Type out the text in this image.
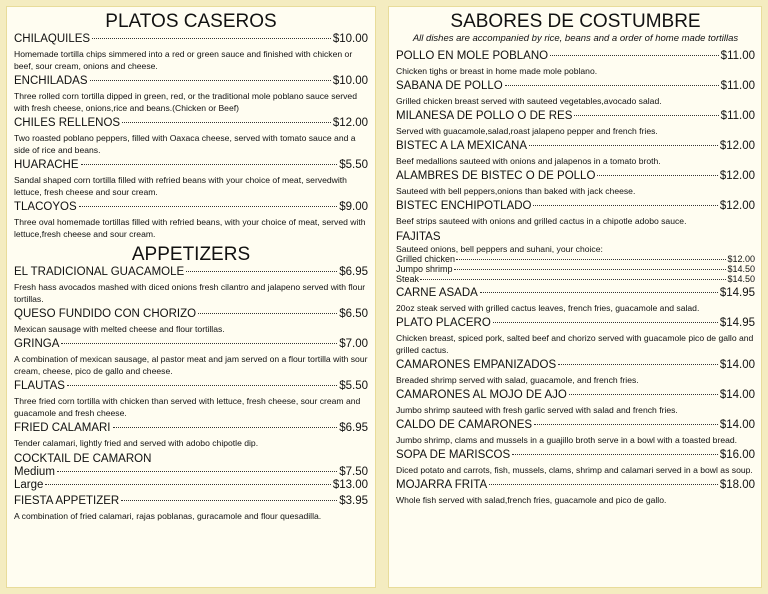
PLATOS CASEROS
CHILAQUILES	$10.00
Homemade tortilla chips simmered into a red or green sauce and finished with chicken or beef, sour cream, onions and cheese.
ENCHILADAS	$10.00
Three rolled corn tortilla dipped in green, red, or the traditional mole poblano sauce served with fresh cheese, onions,rice and beans.(Chicken or Beef)
CHILES RELLENOS	$12.00
Two roasted poblano peppers, filled with Oaxaca cheese, served with tomato sauce and a side of rice and beans.
HUARACHE	$5.50
Sandal shaped corn tortilla filled with refried beans with your choice of meat, servedwith lettuce, fresh cheese and sour cream.
TLACOYOS	$9.00
Three oval homemade tortillas filled with refried beans, with your choice of meat, served with lettuce,fresh cheese and sour cream.
APPETIZERS
EL TRADICIONAL GUACAMOLE	$6.95
Fresh hass avocados mashed with diced onions fresh cilantro and jalapeno served with flour tortillas.
QUESO FUNDIDO CON CHORIZO	$6.50
Mexican sausage with melted cheese and flour tortillas.
GRINGA	$7.00
A combination of mexican sausage, al pastor meat and jam served on a flour tortilla with sour cream, cheese, pico de gallo and cheese.
FLAUTAS	$5.50
Three fried corn tortilla with chicken than served with lettuce, fresh cheese, sour cream and guacamole and fresh cheese.
FRIED CALAMARI	$6.95
Tender calamari, lightly fried and served with adobo chipotle dip.
COCKTAIL DE CAMARON
Medium	$7.50
Large	$13.00
FIESTA APPETIZER	$3.95
A combination of fried calamari, rajas poblanas, guracamole and flour quesadilla.
SABORES DE COSTUMBRE
All dishes are accompanied by rice, beans and a order of home made tortillas
POLLO EN MOLE POBLANO	$11.00
Chicken tighs or breast in home made mole poblano.
SABANA DE POLLO	$11.00
Grilled chicken breast served with sauteed vegetables,avocado salad.
MILANESA DE POLLO O DE RES	$11.00
Served with guacamole,salad,roast jalapeno pepper and french fries.
BISTEC A LA MEXICANA	$12.00
Beef medallions sauteed with onions and jalapenos in a tomato broth.
ALAMBRES DE BISTEC O DE POLLO	$12.00
Sauteed with bell peppers,onions than baked with jack cheese.
BISTEC ENCHIPOTLADO	$12.00
Beef strips sauteed with onions and grilled cactus in a chipotle adobo sauce.
FAJITAS
Sauteed onions, bell peppers and suhani, your choice:
Grilled chicken	$12.00
Jumpo shrimp	$14.50
Steak	$14.50
CARNE ASADA	$14.95
20oz steak served with grilled cactus leaves, french fries, guacamole and salad.
PLATO PLACERO	$14.95
Chicken breast, spiced pork, salted beef and chorizo served with guacamole pico de gallo and grilled cactus.
CAMARONES EMPANIZADOS	$14.00
Breaded shrimp served with salad, guacamole, and french fries.
CAMARONES AL MOJO DE AJO	$14.00
Jumbo shrimp sauteed with fresh garlic served with salad and french fries.
CALDO DE CAMARONES	$14.00
Jumbo shrimp, clams and mussels in a guajillo broth serve in a bowl with a toasted bread.
SOPA DE MARISCOS	$16.00
Diced potato and carrots, fish, mussels, clams, shrimp and calamari served in a bowl as soup.
MOJARRA FRITA	$18.00
Whole fish served with salad,french fries, guacamole and pico de gallo.
